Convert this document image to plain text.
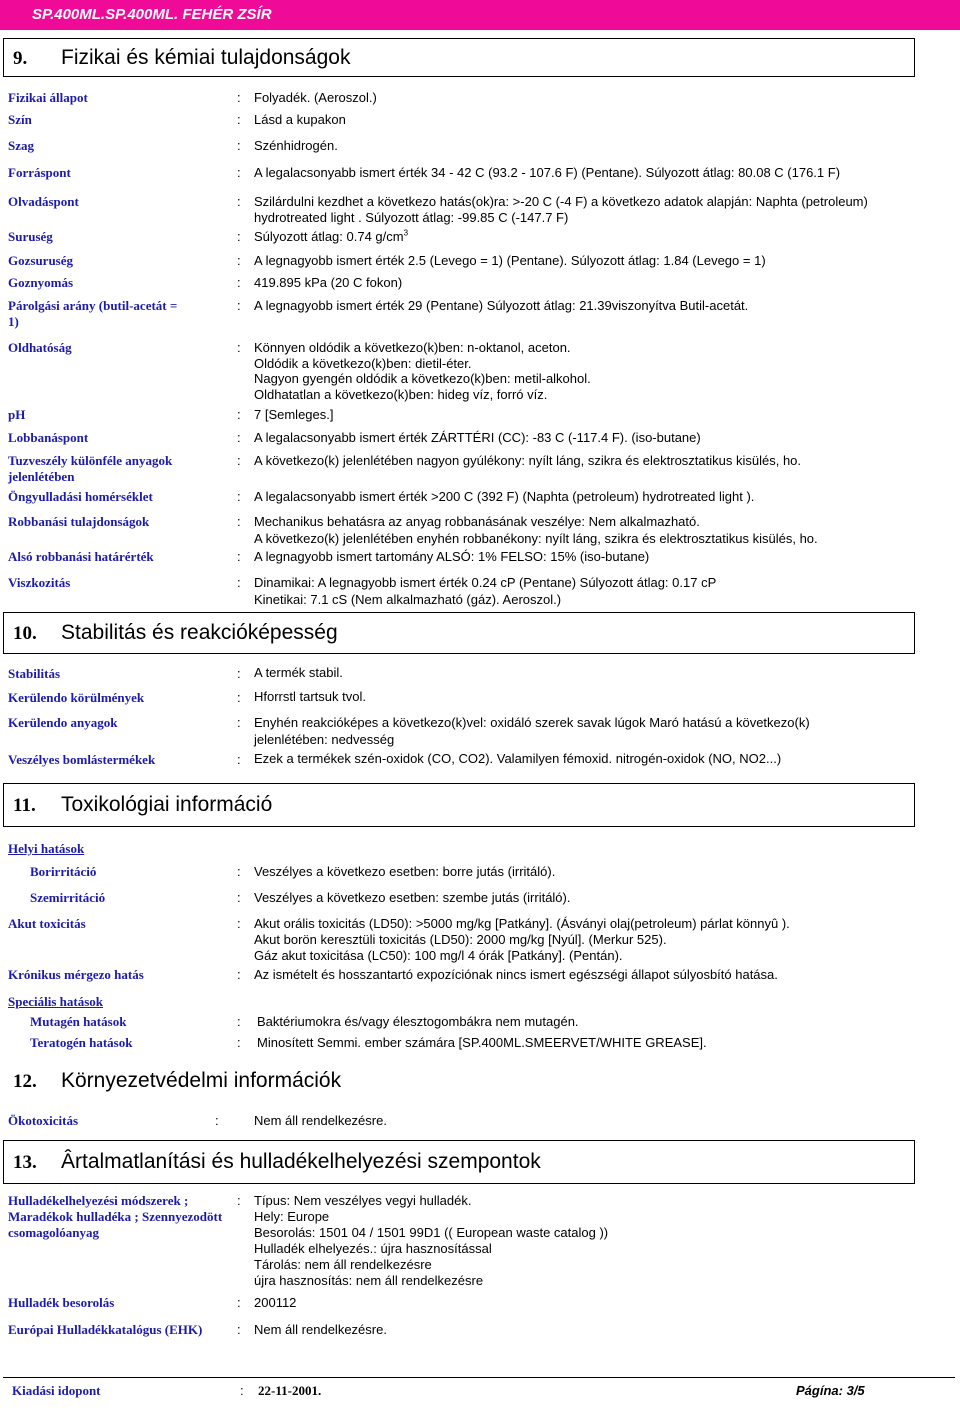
SP.400ML.SP.400ML. FEHÉR ZSÍR
9. Fizikai és kémiai tulajdonságok
Fizikai állapot	: Folyadék. (Aeroszol.)
Szín	: Lásd a kupakon
Szag	: Szénhidrogén.
Forráspont	: A legalacsonyabb ismert érték 34 - 42 C (93.2 - 107.6 F) (Pentane). Súlyozott átlag: 80.08 C (176.1 F)
Olvadáspont	: Szilárdulni kezdhet a következo hatás(ok)ra: >-20 C (-4 F) a következo adatok alapján: Naphta (petroleum)
hydrotreated light . Súlyozott átlag: -99.85 C (-147.7 F)
Suruség	: Súlyozott átlag: 0.74 $g/cm^3$
Gozsuruség	: A legnagyobb ismert érték 2.5 (Levego = 1) (Pentane). Súlyozott átlag: 1.84 (Levego = 1)
Goznyomás	: 419.895 kPa (20 C fokon)
Párolgási arány (butil-acetát = 1)
: A legnagyobb ismert érték 29 (Pentane) Súlyozott átlag: 21.39viszonyítva Butil-acetát.
Oldhatóság	: Könnyen oldódik a következo(k)ben: n-oktanol, aceton.
Oldódik a következo(k)ben: dietil-éter.
Nagyon gyengén oldódik a következo(k)ben: metil-alkohol.
Oldhatatlan a következo(k)ben: hideg víz, forró víz.
pH	: 7 [Semleges.]
Lobbanáspont	: A legalacsonyabb ismert érték ZÁRTTÉRI (CC): -83 C (-117.4 F). (iso-butane)
Tuzveszély különféle anyagok jelenlétében
: A következo(k) jelenlétében nagyon gyúlékony: nyílt láng, szikra és elektrosztatikus kisülés, ho.
Öngyulladási homérséklet	: A legalacsonyabb ismert érték >200 C (392 F) (Naphta (petroleum) hydrotreated light ).
Robbanási tulajdonságok	: Mechanikus behatásra az anyag robbanásának veszélye: Nem alkalmazható.
A következo(k) jelenlétében enyhén robbanékony: nyílt láng, szikra és elektrosztatikus kisülés, ho.
Alsó robbanási határérték	: A legnagyobb ismert tartomány ALSÓ: 1% FELSO: 15% (iso-butane)
Viszkozitás	: Dinamikai: A legnagyobb ismert érték 0.24 cP (Pentane) Súlyozott átlag: 0.17 cP
Kinetikai: 7.1 cS (Nem alkalmazható (gáz). Aeroszol.)
10. Stabilitás és reakcióképesség
Stabilitás	: A termék stabil.
Kerülendo körülmények	: Hforrstl tartsuk tvol.
Kerülendo anyagok	: Enyhén reakcióképes a következo(k)vel: oxidáló szerek savak lúgok Maró hatású a következo(k)
jelenlétében: nedvesség
Veszélyes bomlástermékek	: Ezek a termékek szén-oxidok (CO, CO2). Valamilyen fémoxid. nitrogén-oxidok (NO, NO2...)
11. Toxikológiai információ
Helyi hatások
Borirritáció	: Veszélyes a következo esetben: borre jutás (irritáló).
Szemirritáció	: Veszélyes a következo esetben: szembe jutás (irritáló).
Akut toxicitás	: Akut orális toxicitás (LD50): >5000 mg/kg [Patkány]. (Ásványi olaj(petroleum) párlat könnyû ).
Akut borön keresztüli toxicitás (LD50): 2000 mg/kg [Nyúl]. (Merkur 525).
Gáz akut toxicitása (LC50): 100 mg/l 4 órák [Patkány]. (Pentán).
Krónikus mérgezo hatás	: Az ismételt és hosszantartó expozíciónak nincs ismert egészségi állapot súlyosbító hatása.
Speciális hatások
Mutagén hatások	: Baktériumokra és/vagy élesztogombákra nem mutagén.
Teratogén hatások	: Minosített Semmi. ember számára [SP.400ML.SMEERVET/WHITE GREASE].
12. Környezetvédelmi információk
Ökotoxicitás	:	Nem áll rendelkezésre.
13. Ârtalmatlanítási és hulladékelhelyezési szempontok
Hulladékelhelyezési módszerek ; Maradékok hulladéka ; Szennyezodött csomagolóanyag
: Típus: Nem veszélyes vegyi hulladék.
Hely: Europe
Besorolás: 1501 04 / 1501 99D1 (( European waste catalog ))
Hulladék elhelyezés.: újra hasznosítással
Tárolás: nem áll rendelkezésre
újra hasznosítás: nem áll rendelkezésre
Hulladék besorolás	: 200112
Európai Hulladékkatalógus (EHK)	: Nem áll rendelkezésre.
Kiadási idopont	: 22-11-2001.	Págína: 3/5
